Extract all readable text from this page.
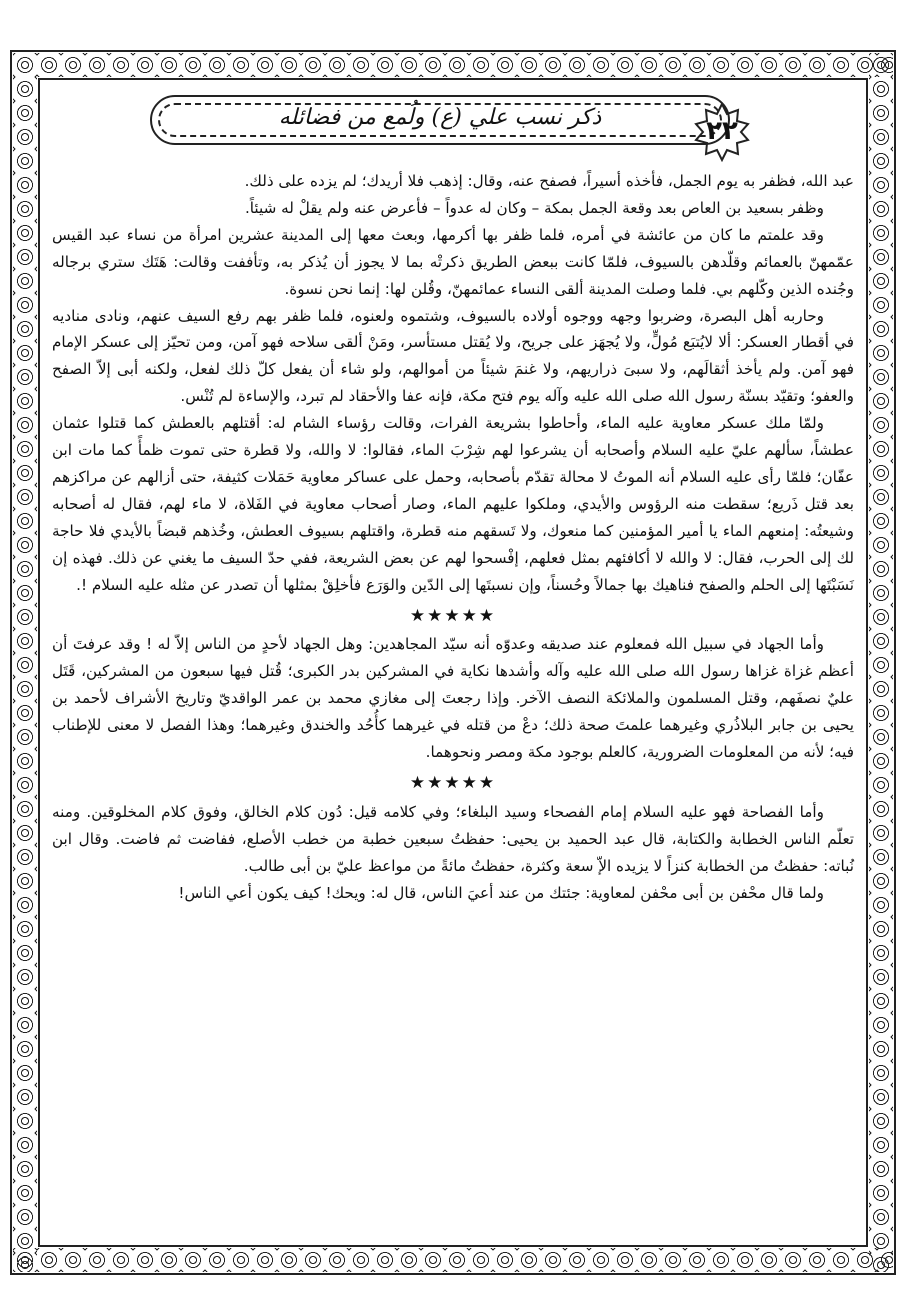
ذكر نسب علي (ع) ولُمع من فضائله	٢٢

عبد الله، فظفر به يوم الجمل، فأخذه أسيراً، فصفح عنه، وقال: إذهب فلا أريدك؛ لم يزده على ذلك.

وظفر بسعيد بن العاص بعد وقعة الجمل بمكة – وكان له عدواً – فأعرض عنه ولم يقلْ له شيئاً.

وقد علمتم ما كان من عائشة في أمره، فلما ظفر بها أكرمها، وبعث معها إلى المدينة عشرين امرأة من نساء عبد القيس عمّمهنّ بالعمائم وقلّدهن بالسيوف، فلمّا كانت ببعض الطريق ذكرتْه بما لا يجوز أن يُذكر به، وتأففت وقالت: هَتَك ستري برجاله وجُنده الذين وكّلهم بي. فلما وصلت المدينة ألقى النساء عمائمهنّ، وقُلن لها: إنما نحن نسوة.

وحاربه أهل البصرة، وضربوا وجهه ووجوه أولاده بالسيوف، وشتموه ولعنوه، فلما ظفر بهم رفع السيف عنهم، ونادى مناديه في أقطار العسكر: ألا لايُتبَع مُولٍّ، ولا يُجهَز على جريح، ولا يُقتل مستأسر، ومَنْ ألقى سلاحه فهو آمن، ومن تحيّز إلى عسكر الإمام فهو آمن. ولم يأخذ أثقالَهم، ولا سبىَ ذراريهم، ولا غنمَ شيئاً من أموالهم، ولو شاء أن يفعل كلّ ذلك لفعل، ولكنه أبى إلاّ الصفح والعفو؛ وتقيّد بسنّة رسول الله صلى الله عليه وآله يوم فتح مكة، فإنه عفا والأحقاد لم تبرد، والإساءة لم تُنْس.

ولمّا ملك عسكر معاوية عليه الماء، وأحاطوا بشريعة الفرات، وقالت رؤساء الشام له: أقتلهم بالعطش كما قتلوا عثمان عطشاً، سألهم عليّ عليه السلام وأصحابه أن يشرعوا لهم شِرْبَ الماء، فقالوا: لا والله، ولا قطرة حتى تموت ظمأً كما مات ابن عفّان؛ فلمّا رأى عليه السلام أنه الموتُ لا محالة تقدّم بأصحابه، وحمل على عساكر معاوية حَمَلات كثيفة، حتى أزالهم عن مراكزهم بعد قتل ذَريع؛ سقطت منه الرؤوس والأيدي، وملكوا عليهم الماء، وصار أصحاب معاوية في الفَلاة، لا ماء لهم، فقال له أصحابه وشيعتُه: إمنعهم الماء يا أمير المؤمنين كما منعوك، ولا تَسقهم منه قطرة، واقتلهم بسيوف العطش، وخُذهم قبضاً بالأيدي فلا حاجة لك إلى الحرب، فقال: لا والله لا أكافئهم بمثل فعلهم، إفْسحوا لهم عن بعض الشريعة، ففي حدّ السيف ما يغني عن ذلك. فهذه إن نَسَبْتَها إلى الحلم والصفح فناهيك بها جمالاً وحُسناً، وإن نسبتَها إلى الدّين والوَرَع فأخلِقْ بمثلها أن تصدر عن مثله عليه السلام !.

★★★★★

وأما الجهاد في سبيل الله فمعلوم عند صديقه وعدوّه أنه سيّد المجاهدين: وهل الجهاد لأحدٍ من الناس إلاّ له ! وقد عرفتَ أن أعظم غزاة غزاها رسول الله صلى الله عليه وآله وأشدها نكاية في المشركين بدر الكبرى؛ قُتل فيها سبعون من المشركين، قَتَل عليٌ نصفَهم، وقتل المسلمون والملائكة النصف الآخر. وإذا رجعتَ إلى مغازي محمد بن عمر الواقديّ وتاريخ الأشراف لأحمد بن يحيى بن جابر البلاذُري وغيرهما علمتَ صحة ذلك؛ دعْ من قتله في غيرهما كأُحُد والخندق وغيرهما؛ وهذا الفصل لا معنى للإطناب فيه؛ لأنه من المعلومات الضرورية، كالعلم بوجود مكة ومصر ونحوهما.

★★★★★

وأما الفصاحة فهو عليه السلام إمام الفصحاء وسيد البلغاء؛ وفي كلامه قيل: دُون كلام الخالق، وفوق كلام المخلوقين. ومنه تعلّم الناس الخطابة والكتابة، قال عبد الحميد بن يحيى: حفظتُ سبعين خطبة من خطب الأصلع، ففاضت ثم فاضت. وقال ابن نُباته: حفظتُ من الخطابة كنزاً لا يزيده الإّ سعة وكثرة، حفظتُ مائةً من مواعظ عليّ بن أبى طالب.

ولما قال محْفن بن أبى محْفن لمعاوية: جئتك من عند أعيَ الناس، قال له: ويحك! كيف يكون أعي الناس!
